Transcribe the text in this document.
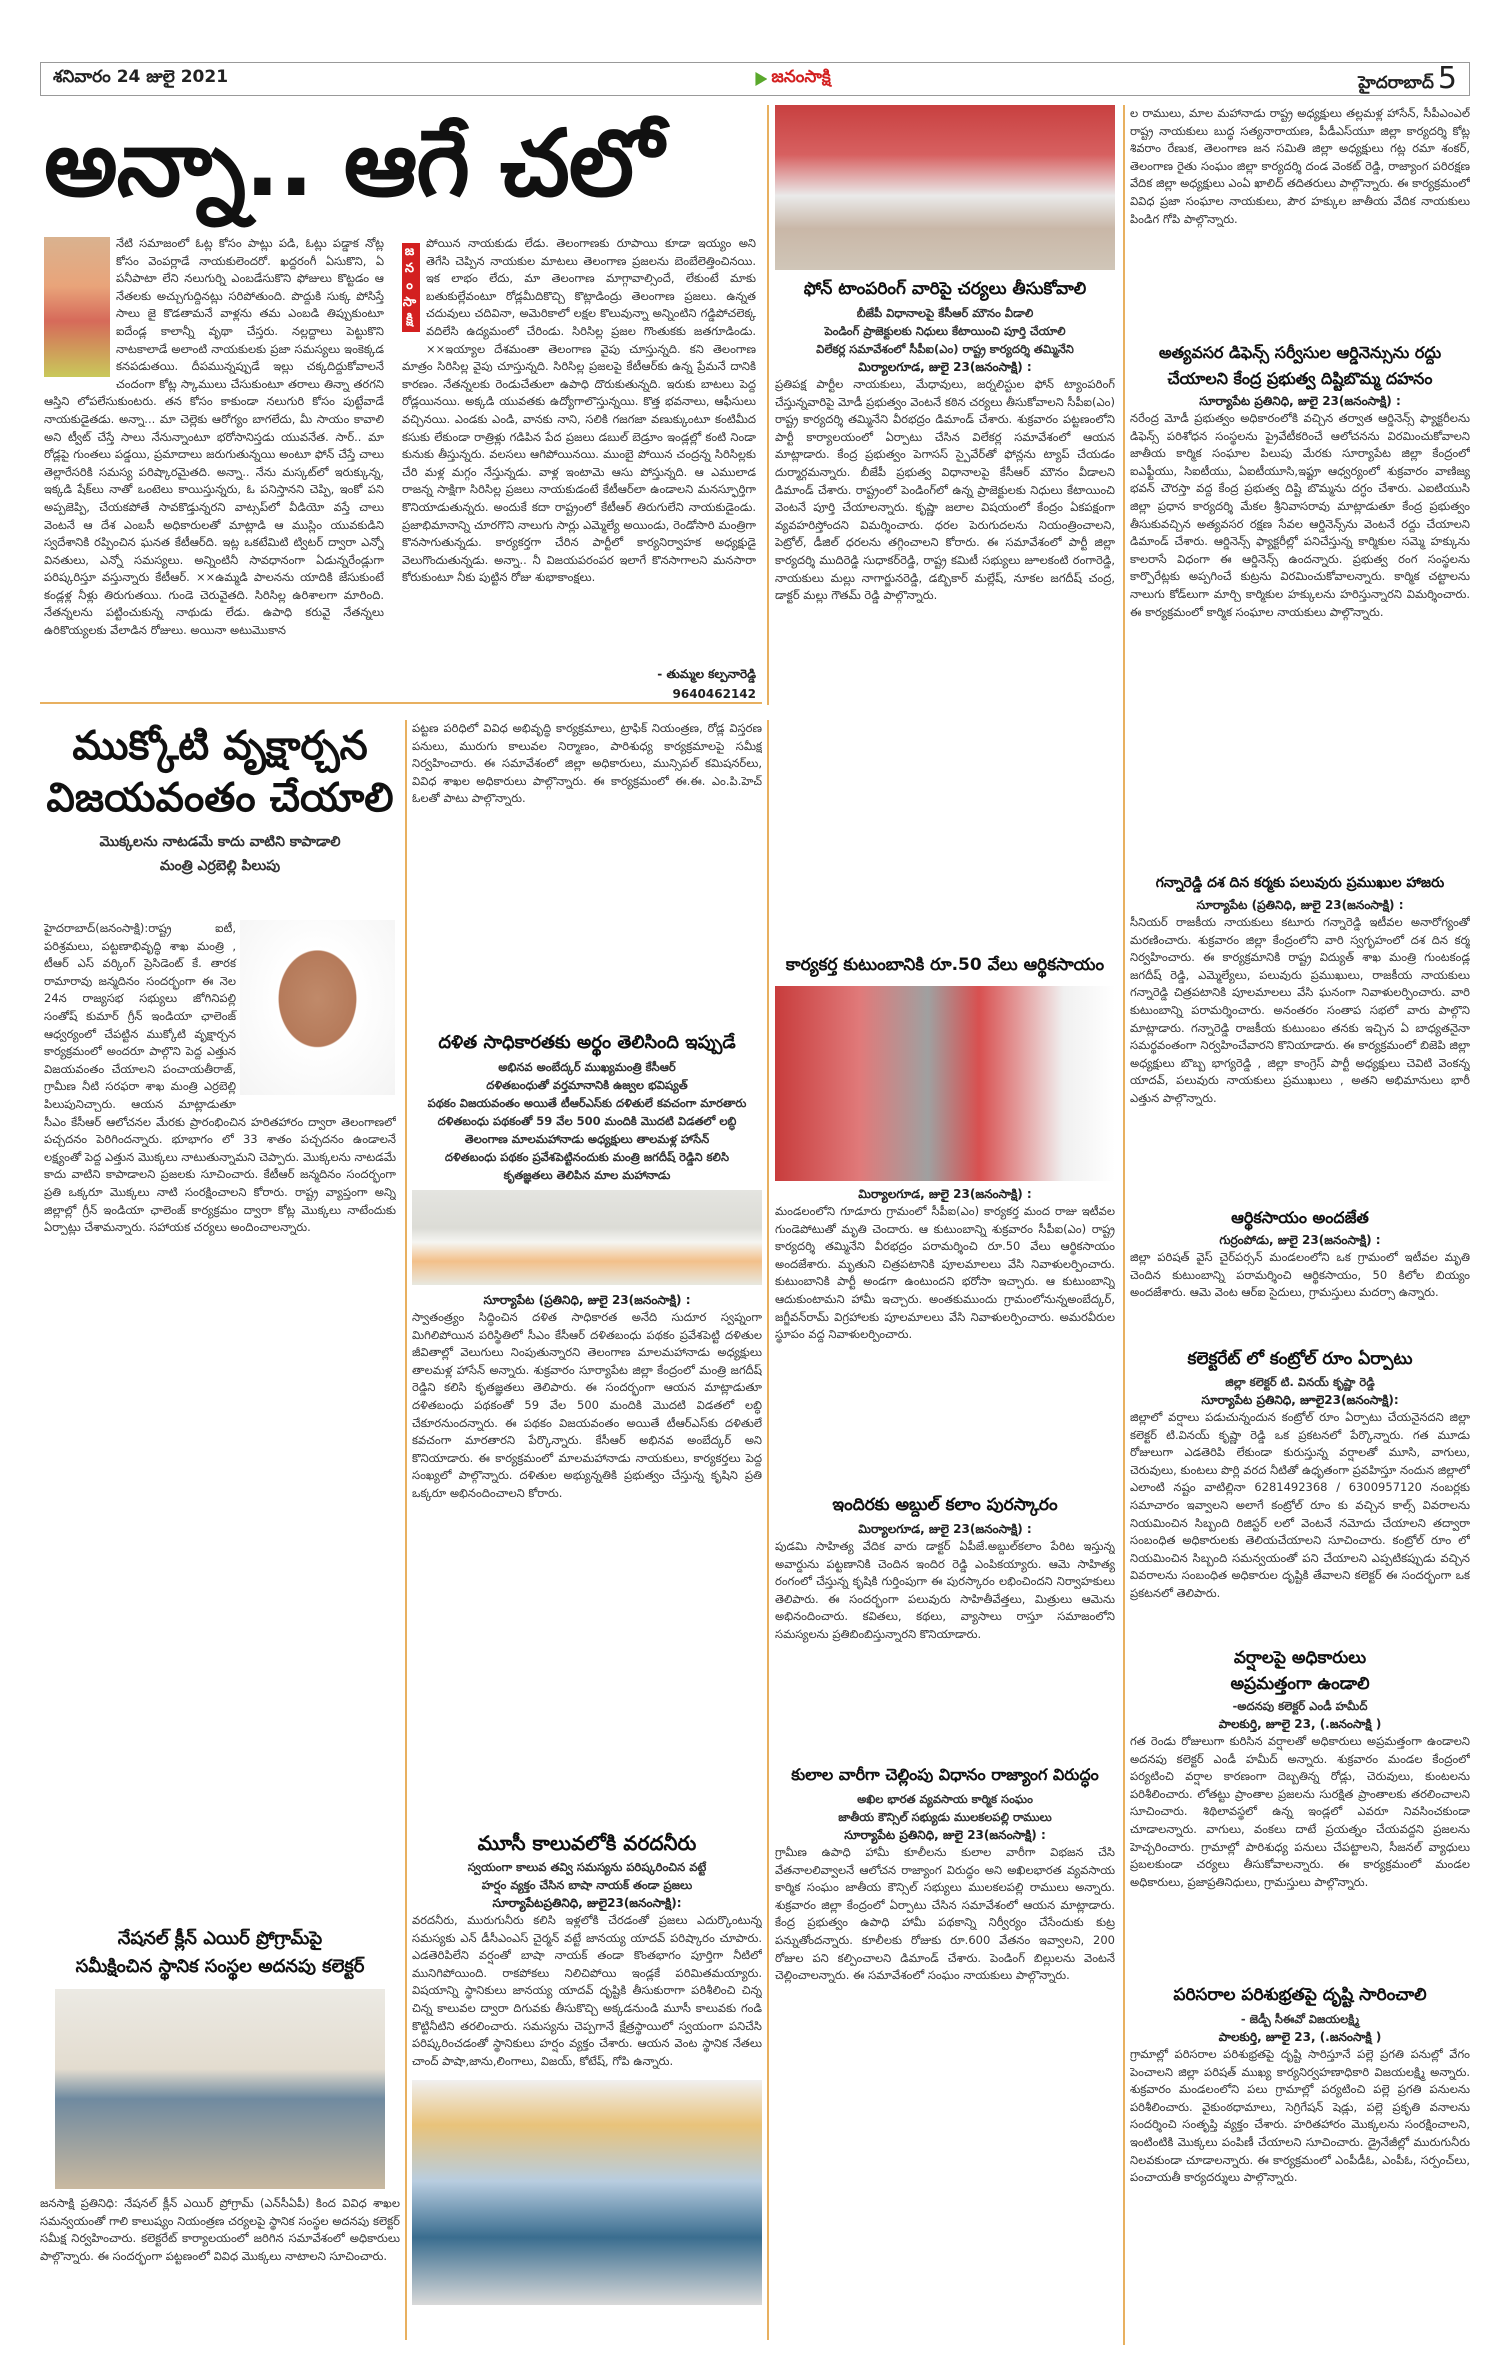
శనివారం 24 జులై 2021	జనంసాక్షి	హైదరాబాద్ 5
అన్నా.. ఆగే చలో
నేటి సమాజంలో ఓట్ల కోసం పాట్లు పడి, ఓట్లు పడ్డాక నోట్ల కోసం వెంపర్లాడే నాయకులెందరో. ఖద్దరంగీ ఏసుకొని, ఏ పనీపాటా లేని నలుగుర్ని ఎంబడేసుకొని ఫోజులు కొట్టడం ఆ నేతలకు అచ్చుగుద్దినట్లు సరిపోతుంది. పొద్దుకి సుక్క పోసిస్తే సాలు జై కొడతామనే వాళ్లను తమ ఎంబడి తిప్పుకుంటూ ఐదేండ్ల కాలాన్నీ వృథా చేస్తరు. నల్లద్దాలు పెట్టుకొని నాటకాలాడే అలాంటి నాయకులకు ప్రజా సమస్యలు ఇంకెక్కడ కనపడుతయి. దీపమున్నప్పుడే ఇల్లు చక్కదిద్దుకోవాలనే చందంగా కోట్ల స్కాములు చేసుకుంటూ తరాలు తిన్నా తరగని ఆస్తిని లోపలేసుకుంటరు. తన కోసం కాకుండా నలుగురి కోసం పుట్టేవాడే నాయకుడైతడు. అన్నా... మా చెల్లెకు ఆరోగ్యం బాగలేదు, మీ సాయం కావాలి అని ట్వీట్ చేస్తే సాలు నేనున్నాంటూ భరోసానిస్తడు యువనేత. సార్.. మా రోడ్లపై గుంతలు పడ్డయి, ప్రమాదాలు జరుగుతున్నయి అంటూ ఫోన్ చేస్తే చాలు తెల్లారేసరికి సమస్య పరిష్కారమైతది. అన్నా.. నేను మస్కట్‌లో ఇరుక్కున్న, ఇక్కడి షేక్‌లు నాతో ఒంటెలు కాయిస్తున్నరు, ఓ పనిస్తానని చెప్పి, ఇంకో పని అప్పజెప్పి, చేయకపోతే సావకొడ్తున్నరని వాట్సప్‌లో వీడియో వస్తే చాలు వెంటనే ఆ దేశ ఎంబసీ అధికారులతో మాట్లాడి ఆ ముస్లిం యువకుడిని స్వదేశానికి రప్పించిన ఘనత కేటీఆర్‌ది. ఇట్ల ఒకటేమిటి ట్విటర్ ద్వారా ఎన్నో వినతులు, ఎన్నో సమస్యలు. అన్నింటినీ సావధానంగా ఏడున్నరేండ్లుగా పరిష్కరిస్తూ వస్తున్నారు కేటీఆర్. ××ఉమ్మడి పాలనను యాదికి జేసుకుంటే కండ్లళ్ల నీళ్లు తిరుగుతయి. గుండె చెరువైతది. సిరిసిల్ల ఉరిశాలగా మారింది. నేతన్నలను పట్టించుకున్న నాథుడు లేడు. ఉపాధి కరువై నేతన్నలు ఉరికొయ్యలకు వేలాడిన రోజులు. అయినా అటుమొకాన
జనంసాక్షి
పోయిన నాయకుడు లేడు. తెలంగాణకు రూపాయి కూడా ఇయ్యం అని తెగేసి చెప్పిన నాయకుల మాటలు తెలంగాణ ప్రజలను బెంబేలెత్తించినయి. ఇక లాభం లేదు, మా తెలంగాణ మాగ్గావాల్సిందే, లేకుంటే మాకు బతుకుల్లేవంటూ రోడ్లమీదికొచ్చి కొట్లాడింద్రు తెలంగాణ ప్రజలు. ఉన్నత చదువులు చదివినా, అమెరికాలో లక్షల కొలువున్నా అన్నింటిని గడ్డిపోచలెక్క వదిలేసి ఉద్యమంలో చేరిండు. సిరిసిల్ల ప్రజల గొంతుకకు జతగూడిండు. ××ఇయ్యాల దేశమంతా తెలంగాణ వైపు చూస్తున్నది. కని తెలంగాణ మాత్రం సిరిసిల్ల వైపు చూస్తున్నది. సిరిసిల్ల ప్రజలపై కేటీఆర్‌కు ఉన్న ప్రేమనే దానికి కారణం. నేతన్నలకు రెండుచేతులా ఉపాధి దొరుకుతున్నది. ఇరుకు బాటలు పెద్ద రోడ్లయినయి. అక్కడి యువతకు ఉద్యోగాలొస్తున్నయి. కొత్త భవనాలు, ఆఫీసులు వచ్చినయి. ఎండకు ఎండి, వానకు నాని, సలికి గజగజా వణుక్కుంటూ కంటిమీద కసుకు లేకుండా రాత్రిళ్లు గడిపిన పేద ప్రజలు డబుల్ బెడ్రూం ఇండ్లల్లో కంటి నిండా కునుకు తీస్తున్నరు. వలసలు ఆగిపోయినయి. ముంబై పోయిన చంద్రన్న సిరిసిల్లకు చేరి మళ్ల మగ్గం నేస్తున్నడు. వాళ్ల ఇంటామె ఆసు పోస్తున్నది. ఆ ఎములాడ రాజన్న సాక్షిగా సిరిసిల్ల ప్రజలు నాయకుడంటే కేటీఆర్‌లా ఉండాలని మనస్ఫూర్తిగా కొనియాడుతున్నరు. అందుకే కదా రాష్ట్రంలో కేటీఆర్ తిరుగులేని నాయకుడైండు. ప్రజాభిమానాన్ని చూరగొని నాలుగు సార్లు ఎమ్మెల్యే అయిండు, రెండోసారి మంత్రిగా కొనసాగుతున్నడు. కార్యకర్తగా చేరిన పార్టీలో కార్యనిర్వాహక అధ్యక్షుడై వెలుగొందుతున్నడు. అన్నా.. నీ విజయపరంపర ఇలాగే కొనసాగాలని మనసారా కోరుకుంటూ నీకు పుట్టిన రోజు శుభాకాంక్షలు.
- తుమ్మల కల్పనారెడ్డి
9640462142
ముక్కోటి వృక్షార్చన
విజయవంతం చేయాలి
మొక్కలను నాటడమే కాదు వాటిని కాపాడాలి
మంత్రి ఎర్రబెల్లి పిలుపు
హైదరాబాద్(జనంసాక్షి):రాష్ట్ర ఐటీ, పరిశ్రమలు, పట్టణాభివృద్ధి శాఖ మంత్రి , టీఆర్ ఎస్ వర్కింగ్ ప్రెసిడెంట్ కే. తారక రామారావు జన్మదినం సందర్భంగా ఈ నెల 24న రాజ్యసభ సభ్యులు జోగినిపల్లి సంతోష్ కుమార్ గ్రీన్ ఇండియా ఛాలెంజ్ ఆధ్వర్యంలో చేపట్టిన ముక్కోటి వృక్షార్చన కార్యక్రమంలో అందరూ పాల్గొని పెద్ద ఎత్తున విజయవంతం చేయాలని పంచాయతీరాజ్, గ్రామీణ నీటి సరఫరా శాఖ మంత్రి ఎర్రబెల్లి పిలుపునిచ్చారు. ఆయన మాట్లాడుతూ సీఎం కేసీఆర్ ఆలోచనల మేరకు ప్రారంభించిన హరితహారం ద్వారా తెలంగాణలో పచ్చదనం పెరిగిందన్నారు. భూభాగం లో 33 శాతం పచ్చదనం ఉండాలనే లక్ష్యంతో పెద్ద ఎత్తున మొక్కలు నాటుతున్నామని చెప్పారు. మొక్కలను నాటడమే కాదు వాటిని కాపాడాలని ప్రజలకు సూచించారు. కేటీఆర్ జన్మదినం సందర్భంగా ప్రతి ఒక్కరూ మొక్కలు నాటి సంరక్షించాలని కోరారు. రాష్ట్ర వ్యాప్తంగా అన్ని జిల్లాల్లో గ్రీన్ ఇండియా ఛాలెంజ్ కార్యక్రమం ద్వారా కోట్ల మొక్కలు నాటేందుకు ఏర్పాట్లు చేశామన్నారు. సహాయక చర్యలు అందించాలన్నారు.
నేషనల్ క్లీన్ ఎయిర్ ప్రోగ్రామ్‌పై
సమీక్షించిన స్థానిక సంస్థల అదనపు కలెక్టర్
జనసాక్షి ప్రతినిధి: నేషనల్ క్లీన్ ఎయిర్ ప్రోగ్రామ్ (ఎన్‌సీఏపీ) కింద వివిధ శాఖల సమన్వయంతో గాలి కాలుష్యం నియంత్రణ చర్యలపై స్థానిక సంస్థల అదనపు కలెక్టర్ సమీక్ష నిర్వహించారు. కలెక్టరేట్ కార్యాలయంలో జరిగిన సమావేశంలో అధికారులు పాల్గొన్నారు. ఈ సందర్భంగా పట్టణంలో వివిధ మొక్కలు నాటాలని సూచించారు.
పట్టణ పరిధిలో వివిధ అభివృద్ధి కార్యక్రమాలు, ట్రాఫిక్ నియంత్రణ, రోడ్ల విస్తరణ పనులు, మురుగు కాలువల నిర్మాణం, పారిశుధ్య కార్యక్రమాలపై సమీక్ష నిర్వహించారు. ఈ సమావేశంలో జిల్లా అధికారులు, మున్సిపల్ కమిషనర్‌లు, వివిధ శాఖల అధికారులు పాల్గొన్నారు. ఈ కార్యక్రమంలో ఈ.ఈ. ఎం.పి.హెచ్ ఓలతో పాటు పాల్గొన్నారు.
దళిత సాధికారతకు అర్థం తెలిసింది ఇప్పుడే
అభినవ అంబేద్కర్ ముఖ్యమంత్రి కేసీఆర్
దళితబంధుతో వర్తమానానికి ఉజ్వల భవిష్యత్
పథకం విజయవంతం అయితే టీఆర్ఎస్‌కు దళితులే కవచంగా మారతారు
దళితబంధు పథకంతో 59 వేల 500 మందికి మొదటి విడతలో లబ్ధి
తెలంగాణ మాలమహానాడు అధ్యక్షులు తాలమళ్ల హాసేన్
దళితబంధు పథకం ప్రవేశపెట్టినందుకు మంత్రి జగదీష్ రెడ్డిని కలిసి
కృతజ్ఞతలు తెలిపిన మాల మహానాడు
సూర్యాపేట (ప్రతినిధి, జులై 23(జనంసాక్షి) :
స్వాతంత్ర్యం సిద్ధించిన దళిత సాధికారత అనేది సుదూర స్వప్నంగా మిగిలిపోయిన పరిస్థితిలో సీఎం కేసీఆర్ దళితబంధు పథకం ప్రవేశపెట్టి దళితుల జీవితాల్లో వెలుగులు నింపుతున్నారని తెలంగాణ మాలమహానాడు అధ్యక్షులు తాలమళ్ల హాసేన్ అన్నారు. శుక్రవారం సూర్యాపేట జిల్లా కేంద్రంలో మంత్రి జగదీష్ రెడ్డిని కలిసి కృతజ్ఞతలు తెలిపారు. ఈ సందర్భంగా ఆయన మాట్లాడుతూ దళితబంధు పథకంతో 59 వేల 500 మందికి మొదటి విడతలో లబ్ధి చేకూరనుందన్నారు. ఈ పథకం విజయవంతం అయితే టీఆర్ఎస్‌కు దళితులే కవచంగా మారతారని పేర్కొన్నారు. కేసీఆర్ అభినవ అంబేద్కర్ అని కొనియాడారు. ఈ కార్యక్రమంలో మాలమహానాడు నాయకులు, కార్యకర్తలు పెద్ద సంఖ్యలో పాల్గొన్నారు. దళితుల అభ్యున్నతికి ప్రభుత్వం చేస్తున్న కృషిని ప్రతి ఒక్కరూ అభినందించాలని కోరారు.
మూసీ కాలువలోకి వరదనీరు
స్వయంగా కాలువ తవ్వి సమస్యను పరిష్కరించిన వట్టే
హర్షం వ్యక్తం చేసిన బాషా నాయక్ తండా ప్రజలు
సూర్యాపేటప్రతినిధి, జులై23(జనంసాక్షి):
వరదనీరు, మురుగునీరు కలిసి ఇళ్లలోకి చేరడంతో ప్రజలు ఎదుర్కొంటున్న సమస్యకు ఎన్ డీసీఎంఎస్ చైర్మన్ వట్టే జానయ్య యాదవ్ పరిష్కారం చూపారు. ఎడతెరిపిలేని వర్షంతో బాషా నాయక్ తండా కొంతభాగం పూర్తిగా నీటిలో మునిగిపోయింది. రాకపోకలు నిలిచిపోయి ఇండ్లకే పరిమితమయ్యారు. విషయాన్ని స్థానికులు జానయ్య యాదవ్ దృష్టికి తీసుకురాగా పరిశీలించి చిన్న చిన్న కాలువల ద్వారా దిగువకు తీసుకొచ్చి అక్కడనుండి మూసీ కాలువకు గండి కొట్టినీటిని తరలించారు. సమస్యను చెప్పగానే క్షేత్రస్థాయిలో స్వయంగా పనిచేసి పరిష్కరించడంతో స్థానికులు హర్షం వ్యక్తం చేశారు. ఆయన వెంట స్థానిక నేతలు చాంద్ పాషా,జాను,లింగాలు, విజయ్, కోటేష్, గోపి ఉన్నారు.
ఫోన్ టాంపరింగ్ వారిపై చర్యలు తీసుకోవాలి
బీజేపీ విధానాలపై కేసీఆర్ మౌనం వీడాలి
పెండింగ్ ప్రాజెక్టులకు నిధులు కేటాయించి పూర్తి చేయాలి
విలేకర్ల సమావేశంలో సీపీఐ(ఎం) రాష్ట్ర కార్యదర్శి తమ్మినేని
మిర్యాలగూడ, జులై 23(జనంసాక్షి) :
ప్రతిపక్ష పార్టీల నాయకులు, మేధావులు, జర్నలిస్టుల ఫోన్ ట్యాంపరింగ్ చేస్తున్నవారిపై మోడీ ప్రభుత్వం వెంటనే కఠిన చర్యలు తీసుకోవాలని సీపీఐ(ఎం) రాష్ట్ర కార్యదర్శి తమ్మినేని వీరభద్రం డిమాండ్ చేశారు. శుక్రవారం పట్టణంలోని పార్టీ కార్యాలయంలో ఏర్పాటు చేసిన విలేకర్ల సమావేశంలో ఆయన మాట్లాడారు. కేంద్ర ప్రభుత్వం పెగాసస్ స్పైవేర్‌తో ఫోన్లను ట్యాప్ చేయడం దుర్మార్గమన్నారు. బీజేపీ ప్రభుత్వ విధానాలపై కేసీఆర్ మౌనం వీడాలని డిమాండ్ చేశారు. రాష్ట్రంలో పెండింగ్‌లో ఉన్న ప్రాజెక్టులకు నిధులు కేటాయించి వెంటనే పూర్తి చేయాలన్నారు. కృష్ణా జలాల విషయంలో కేంద్రం ఏకపక్షంగా వ్యవహరిస్తోందని విమర్శించారు. ధరల పెరుగుదలను నియంత్రించాలని, పెట్రోల్, డీజిల్ ధరలను తగ్గించాలని కోరారు. ఈ సమావేశంలో పార్టీ జిల్లా కార్యదర్శి ముదిరెడ్డి సుధాకర్‌రెడ్డి, రాష్ట్ర కమిటీ సభ్యులు జూలకంటి రంగారెడ్డి, నాయకులు మల్లు నాగార్జునరెడ్డి, డబ్బికార్ మల్లేష్, నూకల జగదీష్ చంద్ర, డాక్టర్ మల్లు గౌతమ్ రెడ్డి పాల్గొన్నారు.
కార్యకర్త కుటుంబానికి రూ.50 వేలు ఆర్థికసాయం
మిర్యాలగూడ, జులై 23(జనంసాక్షి) :
మండలంలోని గూడూరు గ్రామంలో సీపీఐ(ఎం) కార్యకర్త మంద రాజు ఇటీవల గుండెపోటుతో మృతి చెందారు. ఆ కుటుంబాన్ని శుక్రవారం సీపీఐ(ఎం) రాష్ట్ర కార్యదర్శి తమ్మినేని వీరభద్రం పరామర్శించి రూ.50 వేలు ఆర్థికసాయం అందజేశారు. మృతుని చిత్రపటానికి పూలమాలలు వేసి నివాళులర్పించారు. కుటుంబానికి పార్టీ అండగా ఉంటుందని భరోసా ఇచ్చారు. ఆ కుటుంబాన్ని ఆదుకుంటామని హామీ ఇచ్చారు. అంతకుముందు గ్రామంలోనున్నఅంబేద్కర్, జగ్జీవన్‌రామ్ విగ్రహాలకు పూలమాలలు వేసి నివాళులర్పించారు. అమరవీరుల స్థూపం వద్ద నివాళులర్పించారు.
ఇందిరకు అబ్దుల్ కలాం పురస్కారం
మిర్యాలగూడ, జులై 23(జనంసాక్షి) :
పుడమి సాహిత్య వేదిక వారు డాక్టర్ ఏపీజే.అబ్దుల్‌కలాం పేరిట ఇస్తున్న అవార్డును పట్టణానికి చెందిన ఇందిర రెడ్డి ఎంపికయ్యారు. ఆమె సాహిత్య రంగంలో చేస్తున్న కృషికి గుర్తింపుగా ఈ పురస్కారం లభించిందని నిర్వాహకులు తెలిపారు. ఈ సందర్భంగా పలువురు సాహితీవేత్తలు, మిత్రులు ఆమెను అభినందించారు. కవితలు, కథలు, వ్యాసాలు రాస్తూ సమాజంలోని సమస్యలను ప్రతిబింబిస్తున్నారని కొనియాడారు.
కులాల వారీగా చెల్లింపు విధానం రాజ్యాంగ విరుద్ధం
అఖిల భారత వ్యవసాయ కార్మిక సంఘం
జాతీయ కౌన్సిల్ సభ్యుడు ములకలపల్లి రాములు
సూర్యాపేట ప్రతినిధి, జులై 23(జనంసాక్షి) :
గ్రామీణ ఉపాధి హామీ కూలీలను కులాల వారీగా విభజన చేసి వేతనాలలివ్వాలనే ఆలోచన రాజ్యాంగ విరుద్ధం అని అఖిలభారత వ్యవసాయ కార్మిక సంఘం జాతీయ కౌన్సిల్ సభ్యులు ములకలపల్లి రాములు అన్నారు. శుక్రవారం జిల్లా కేంద్రంలో ఏర్పాటు చేసిన సమావేశంలో ఆయన మాట్లాడారు. కేంద్ర ప్రభుత్వం ఉపాధి హామీ పథకాన్ని నిర్వీర్యం చేసేందుకు కుట్ర పన్నుతోందన్నారు. కూలీలకు రోజుకు రూ.600 వేతనం ఇవ్వాలని, 200 రోజుల పని కల్పించాలని డిమాండ్ చేశారు. పెండింగ్ బిల్లులను వెంటనే చెల్లించాలన్నారు. ఈ సమావేశంలో సంఘం నాయకులు పాల్గొన్నారు.
ల రాములు, మాల మహానాడు రాష్ట్ర అధ్యక్షులు తల్లమళ్ల హాసేన్, సీపీఎంఎల్ రాష్ట్ర నాయకులు బుద్ధ సత్యనారాయణ, పీడీఎస్‌యూ జిల్లా కార్యదర్శి కోట్ల శివరాం రేణుక, తెలంగాణ జన సమితి జిల్లా అధ్యక్షులు గట్ల రమా శంకర్, తెలంగాణ రైతు సంఘం జిల్లా కార్యదర్శి దండ వెంకట్ రెడ్డి, రాజ్యాంగ పరిరక్షణ వేదిక జిల్లా అధ్యక్షులు ఎంఏ ఖాలిద్ తదితరులు పాల్గొన్నారు. ఈ కార్యక్రమంలో వివిధ ప్రజా సంఘాల నాయకులు, పౌర హక్కుల జాతీయ వేదిక నాయకులు పిండిగ గోపి పాల్గొన్నారు.
అత్యవసర డిఫెన్స్ సర్వీసుల ఆర్డినెన్సును రద్దు
చేయాలని కేంద్ర ప్రభుత్వ దిష్టిబొమ్మ దహనం
సూర్యాపేట ప్రతినిధి, జులై 23(జనంసాక్షి) :
నరేంద్ర మోడీ ప్రభుత్వం అధికారంలోకి వచ్చిన తర్వాత ఆర్డినెన్స్ ఫ్యాక్టరీలను డిఫెన్స్ పరిశోధన సంస్థలను ప్రైవేటీకరించే ఆలోచనను విరమించుకోవాలని జాతీయ కార్మిక సంఘాల పిలుపు మేరకు సూర్యాపేట జిల్లా కేంద్రంలో ఐఎఫ్టీయు, సిఐటీయు, ఏఐటీయూసి,ఇఫ్టూ ఆధ్వర్యంలో శుక్రవారం వాణిజ్య భవన్ చౌరస్తా వద్ద కేంద్ర ప్రభుత్వ దిష్టి బొమ్మను దగ్ధం చేశారు. ఎఐటియుసి జిల్లా ప్రధాన కార్యదర్శి మేకల శ్రీనివాసరావు మాట్లాడుతూ కేంద్ర ప్రభుత్వం తీసుకువచ్చిన అత్యవసర రక్షణ సేవల ఆర్డినెన్స్‌ను వెంటనే రద్దు చేయాలని డిమాండ్ చేశారు. ఆర్డినెన్స్ ఫ్యాక్టరీల్లో పనిచేస్తున్న కార్మికుల సమ్మె హక్కును కాలరాసే విధంగా ఈ ఆర్డినెన్స్ ఉందన్నారు. ప్రభుత్వ రంగ సంస్థలను కార్పొరేట్లకు అప్పగించే కుట్రను విరమించుకోవాలన్నారు. కార్మిక చట్టాలను నాలుగు కోడ్‌లుగా మార్చి కార్మికుల హక్కులను హరిస్తున్నారని విమర్శించారు. ఈ కార్యక్రమంలో కార్మిక సంఘాల నాయకులు పాల్గొన్నారు.
గన్నారెడ్డి దశ దిన కర్మకు పలువురు ప్రముఖుల హాజరు
సూర్యాపేట (ప్రతినిధి, జులై 23(జనంసాక్షి) :
సీనియర్ రాజకీయ నాయకులు కటూరు గన్నారెడ్డి ఇటీవల అనారోగ్యంతో మరణించారు. శుక్రవారం జిల్లా కేంద్రంలోని వారి స్వగృహంలో దశ దిన కర్మ నిర్వహించారు. ఈ కార్యక్రమానికి రాష్ట్ర విద్యుత్ శాఖ మంత్రి గుంటకండ్ల జగదీష్ రెడ్డి, ఎమ్మెల్యేలు, పలువురు ప్రముఖులు, రాజకీయ నాయకులు గన్నారెడ్డి చిత్రపటానికి పూలమాలలు వేసి ఘనంగా నివాళులర్పించారు. వారి కుటుంబాన్ని పరామర్శించారు. అనంతరం సంతాప సభలో వారు పాల్గొని మాట్లాడారు. గన్నారెడ్డి రాజకీయ కుటుంబం తనకు ఇచ్చిన ఏ బాధ్యతనైనా సమర్థవంతంగా నిర్వహించేవారని కొనియాడారు. ఈ కార్యక్రమంలో బిజెపి జిల్లా అధ్యక్షులు బొబ్బ భాగ్యరెడ్డి , జిల్లా కాంగ్రెస్ పార్టీ అధ్యక్షులు చెవిటి వెంకన్న యాదవ్, పలువురు నాయకులు ప్రముఖులు , అతని అభిమానులు భారీ ఎత్తున పాల్గొన్నారు.
ఆర్థికసాయం అందజేత
గుర్రంపోడు, జులై 23(జనంసాక్షి) :
జిల్లా పరిషత్ వైస్ చైర్‌పర్సన్ మండలంలోని ఒక గ్రామంలో ఇటీవల మృతి చెందిన కుటుంబాన్ని పరామర్శించి ఆర్థికసాయం, 50 కిలోల బియ్యం అందజేశారు. ఆమె వెంట ఆర్ఐ సైదులు, గ్రామస్తులు మదర్సా ఉన్నారు.
కలెక్టరేట్ లో కంట్రోల్ రూం ఏర్పాటు
జిల్లా కలెక్టర్ టి. వినయ్ కృష్ణా రెడ్డి
సూర్యాపేట ప్రతినిధి, జూలై23(జనంసాక్షి):
జిల్లాలో వర్షాలు పడుచున్నందున కంట్రోల్ రూం ఏర్పాటు చేయనైనదని జిల్లా కలెక్టర్ టి.వినయ్ కృష్ణా రెడ్డి ఒక ప్రకటనలో పేర్కొన్నారు. గత మూడు రోజులుగా ఎడతెరిపి లేకుండా కురుస్తున్న వర్షాలతో మూసి, వాగులు, చెరువులు, కుంటలు పొర్లి వరద నీటితో ఉధృతంగా ప్రవహిస్తూ నందున జిల్లాలో ఎలాంటి నష్టం వాటిల్లినా 6281492368 / 6300957120 నంబర్లకు సమాచారం ఇవ్వాలని అలాగే కంట్రోల్ రూం కు వచ్చిన కాల్స్ వివరాలను నియమించిన సిబ్బంది రిజిస్టర్ లలో వెంటనే నమోదు చేయాలని తద్వారా సంబంధిత అధికారులకు తెలియచేయాలని సూచించారు. కంట్రోల్ రూం లో నియమించిన సిబ్బంది సమన్వయంతో పని చేయాలని ఎప్పటికప్పుడు వచ్చిన వివరాలను సంబంధిత అధికారుల దృష్టికి తేవాలని కలెక్టర్ ఈ సందర్భంగా ఒక ప్రకటనలో తెలిపారు.
వర్షాలపై అధికారులు
అప్రమత్తంగా ఉండాలి
-అదనపు కలెక్టర్ ఎండీ హమీద్
పాలకుర్తి, జూలై 23, (.జనంసాక్షి )
గత రెండు రోజులుగా కురిసిన వర్షాలతో అధికారులు అప్రమత్తంగా ఉండాలని అదనపు కలెక్టర్ ఎండీ హమీద్ అన్నారు. శుక్రవారం మండల కేంద్రంలో పర్యటించి వర్షాల కారణంగా దెబ్బతిన్న రోడ్లు, చెరువులు, కుంటలను పరిశీలించారు. లోతట్టు ప్రాంతాల ప్రజలను సురక్షిత ప్రాంతాలకు తరలించాలని సూచించారు. శిథిలావస్థలో ఉన్న ఇండ్లలో ఎవరూ నివసించకుండా చూడాలన్నారు. వాగులు, వంకలు దాటే ప్రయత్నం చేయవద్దని ప్రజలను హెచ్చరించారు. గ్రామాల్లో పారిశుధ్య పనులు చేపట్టాలని, సీజనల్ వ్యాధులు ప్రబలకుండా చర్యలు తీసుకోవాలన్నారు. ఈ కార్యక్రమంలో మండల అధికారులు, ప్రజాప్రతినిధులు, గ్రామస్తులు పాల్గొన్నారు.
పరిసరాల పరిశుభ్రతపై దృష్టి సారించాలి
- జెడ్పీ సీఈవో విజయలక్ష్మి
పాలకుర్తి, జూలై 23, (.జనంసాక్షి )
గ్రామాల్లో పరిసరాల పరిశుభ్రతపై దృష్టి సారిస్తూనే పల్లె ప్రగతి పనుల్లో వేగం పెంచాలని జిల్లా పరిషత్ ముఖ్య కార్యనిర్వహణాధికారి విజయలక్ష్మి అన్నారు. శుక్రవారం మండలంలోని పలు గ్రామాల్లో పర్యటించి పల్లె ప్రగతి పనులను పరిశీలించారు. వైకుంఠధామాలు, సెగ్రిగేషన్ షెడ్లు, పల్లె ప్రకృతి వనాలను సందర్శించి సంతృప్తి వ్యక్తం చేశారు. హరితహారం మొక్కలను సంరక్షించాలని, ఇంటింటికి మొక్కలు పంపిణీ చేయాలని సూచించారు. డ్రైనేజీల్లో మురుగునీరు నిలవకుండా చూడాలన్నారు. ఈ కార్యక్రమంలో ఎంపీడీఓ, ఎంపీఓ, సర్పంచ్‌లు, పంచాయతీ కార్యదర్శులు పాల్గొన్నారు.
